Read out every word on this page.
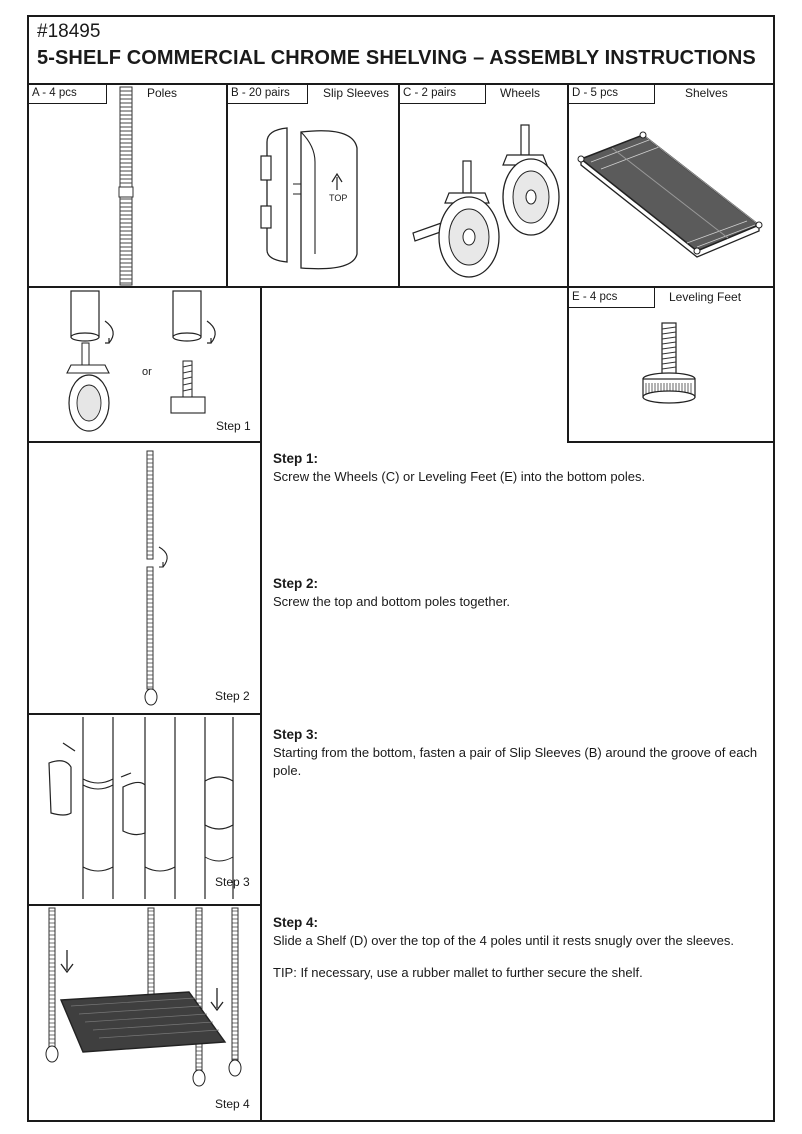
#18495
5-SHELF COMMERCIAL CHROME SHELVING – ASSEMBLY INSTRUCTIONS
A - 4 pcs	Poles	B - 20 pairs	Slip Sleeves
TOP
C - 2 pairs	Wheels	D - 5 pcs	Shelves
E - 4 pcs	Leveling Feet
or
Step 1
Step 2
Step 3
Step 4
Step 1:
Screw the Wheels (C) or Leveling Feet (E) into the bottom poles.
Step 2:
Screw the top and bottom poles together.
Step 3:
Starting from the bottom, fasten a pair of Slip Sleeves (B) around the groove of each pole.
Step 4:
Slide a Shelf (D) over the top of the 4 poles until it rests snugly over the sleeves.
TIP: If necessary, use a rubber mallet to further secure the shelf.
